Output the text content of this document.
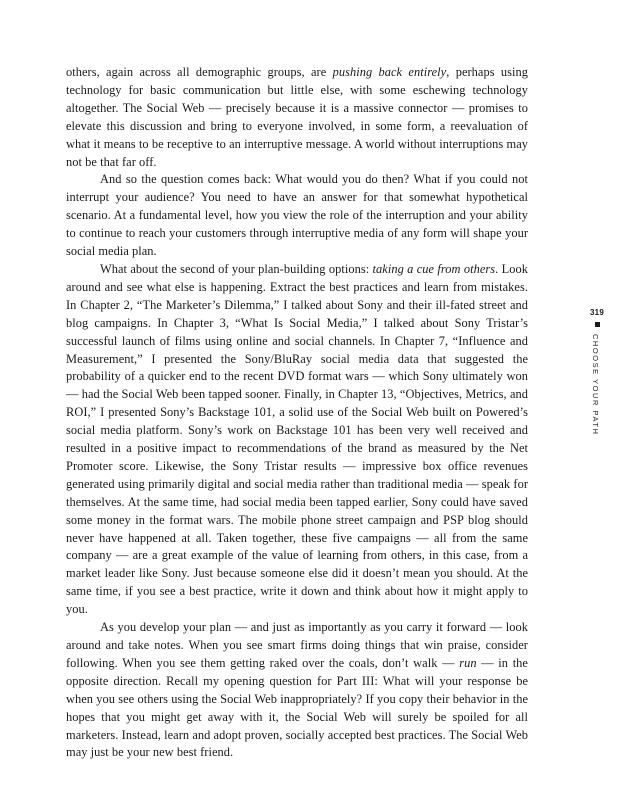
others, again across all demographic groups, are pushing back entirely, perhaps using technology for basic communication but little else, with some eschewing technology altogether. The Social Web — precisely because it is a massive connector — promises to elevate this discussion and bring to everyone involved, in some form, a reevaluation of what it means to be receptive to an interruptive message. A world without interruptions may not be that far off.

And so the question comes back: What would you do then? What if you could not interrupt your audience? You need to have an answer for that somewhat hypothetical scenario. At a fundamental level, how you view the role of the interruption and your ability to continue to reach your customers through interruptive media of any form will shape your social media plan.

What about the second of your plan-building options: taking a cue from others. Look around and see what else is happening. Extract the best practices and learn from mistakes. In Chapter 2, “The Marketer’s Dilemma,” I talked about Sony and their ill-fated street and blog campaigns. In Chapter 3, “What Is Social Media,” I talked about Sony Tristar’s successful launch of films using online and social channels. In Chapter 7, “Influence and Measurement,” I presented the Sony/BluRay social media data that suggested the probability of a quicker end to the recent DVD format wars — which Sony ultimately won — had the Social Web been tapped sooner. Finally, in Chapter 13, “Objectives, Metrics, and ROI,” I presented Sony’s Backstage 101, a solid use of the Social Web built on Powered’s social media platform. Sony’s work on Backstage 101 has been very well received and resulted in a positive impact to recommendations of the brand as measured by the Net Promoter score. Likewise, the Sony Tristar results — impressive box office revenues generated using primarily digital and social media rather than traditional media — speak for themselves. At the same time, had social media been tapped earlier, Sony could have saved some money in the format wars. The mobile phone street campaign and PSP blog should never have happened at all. Taken together, these five campaigns — all from the same company — are a great example of the value of learning from others, in this case, from a market leader like Sony. Just because someone else did it doesn’t mean you should. At the same time, if you see a best practice, write it down and think about how it might apply to you.

As you develop your plan — and just as importantly as you carry it forward — look around and take notes. When you see smart firms doing things that win praise, consider following. When you see them getting raked over the coals, don’t walk — run — in the opposite direction. Recall my opening question for Part III: What will your response be when you see others using the Social Web inappropriately? If you copy their behavior in the hopes that you might get away with it, the Social Web will surely be spoiled for all marketers. Instead, learn and adopt proven, socially accepted best practices. The Social Web may just be your new best friend.

319
CHOOSE YOUR PATH
